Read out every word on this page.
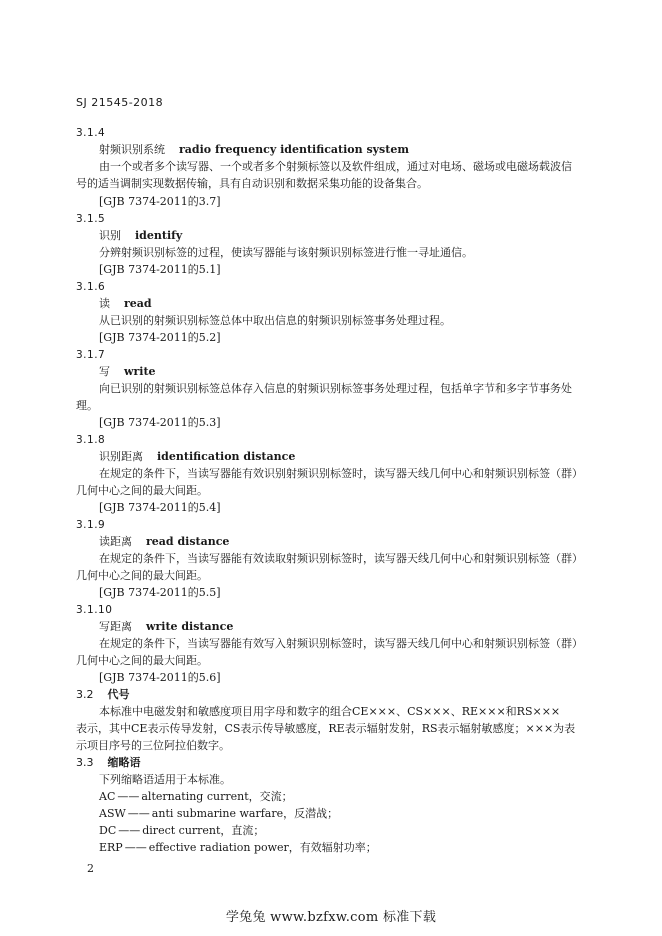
SJ 21545-2018
3.1.4
射频识别系统 radio frequency identification system
由一个或者多个读写器、一个或者多个射频标签以及软件组成，通过对电场、磁场或电磁场载波信
号的适当调制实现数据传输，具有自动识别和数据采集功能的设备集合。
[GJB 7374-2011的3.7]
3.1.5
识别 identify
分辨射频识别标签的过程，使读写器能与该射频识别标签进行惟一寻址通信。
[GJB 7374-2011的5.1]
3.1.6
读 read
从已识别的射频识别标签总体中取出信息的射频识别标签事务处理过程。
[GJB 7374-2011的5.2]
3.1.7
写 write
向已识别的射频识别标签总体存入信息的射频识别标签事务处理过程，包括单字节和多字节事务处
理。
[GJB 7374-2011的5.3]
3.1.8
识别距离 identification distance
在规定的条件下，当读写器能有效识别射频识别标签时，读写器天线几何中心和射频识别标签（群）
几何中心之间的最大间距。
[GJB 7374-2011的5.4]
3.1.9
读距离 read distance
在规定的条件下，当读写器能有效读取射频识别标签时，读写器天线几何中心和射频识别标签（群）
几何中心之间的最大间距。
[GJB 7374-2011的5.5]
3.1.10
写距离 write distance
在规定的条件下，当读写器能有效写入射频识别标签时，读写器天线几何中心和射频识别标签（群）
几何中心之间的最大间距。
[GJB 7374-2011的5.6]
3.2 代号
本标准中电磁发射和敏感度项目用字母和数字的组合CE×××、CS×××、RE×××和RS×××
表示，其中CE表示传导发射，CS表示传导敏感度，RE表示辐射发射，RS表示辐射敏感度；×××为表
示项目序号的三位阿拉伯数字。
3.3 缩略语
下列缩略语适用于本标准。
AC —— alternating current，交流；
ASW —— anti submarine warfare，反潜战；
DC —— direct current，直流；
ERP —— effective radiation power，有效辐射功率；
2
学兔兔 www.bzfxw.com 标准下载
